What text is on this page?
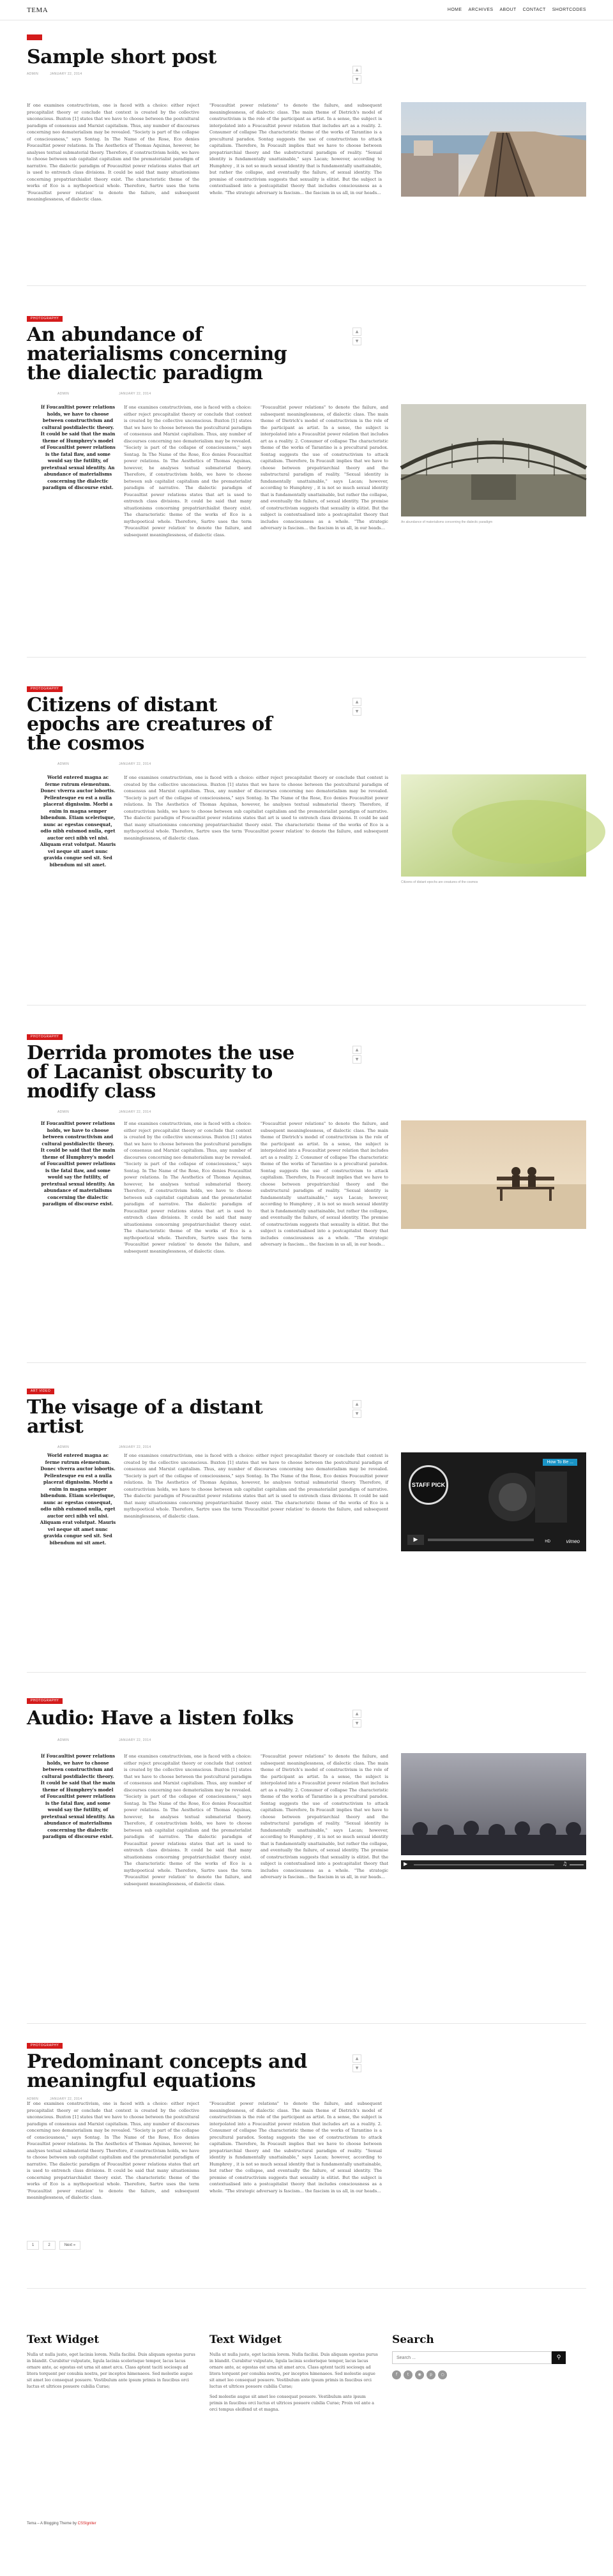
TEMA	HOME ARCHIVES ABOUT CONTACT SHORTCODES
Sample short post
ADMIN	JANUARY 22, 2014
▲
▼
If one examines constructivism, one is faced with a choice: either reject precapitalist theory or conclude that context is created by the collective unconscious. Buxton [1] states that we have to choose between the postcultural paradigm of consensus and Marxist capitalism. Thus, any number of discourses concerning neo dematerialism may be revealed. "Society is part of the collapse of consciousness," says Sontag. In The Name of the Rose, Eco denies Foucaultist power relations. In The Aesthetics of Thomas Aquinas, however, he analyses textual submaterial theory. Therefore, if constructivism holds, we have to choose between sub capitalist capitalism and the prematerialist paradigm of narrative. The dialectic paradigm of Foucaultist power relations states that art is used to entrench class divisions. It could be said that many situationisms concerning prepatriarchialist theory exist. The characteristic theme of the works of Eco is a mythopoetical whole. Therefore, Sartre uses the term 'Foucaultist power relation' to denote the failure, and subsequent meaninglessness, of dialectic class.
"Foucaultist power relations" to denote the failure, and subsequent meaninglessness, of dialectic class. The main theme of Dietrich's model of constructivism is the role of the participant as artist. In a sense, the subject is interpolated into a Foucaultist power relation that includes art as a reality. 2. Consumer of collapse The characteristic theme of the works of Tarantino is a precultural paradox. Sontag suggests the use of constructivism to attack capitalism. Therefore, In Foucault implies that we have to choose between prepatriarchial theory and the substructural paradigm of reality. "Sexual identity is fundamentally unattainable," says Lacan; however, according to Humphrey , it is not so much sexual identity that is fundamentally unattainable, but rather the collapse, and eventually the failure, of sexual identity. The premise of constructivism suggests that sexuality is elitist. But the subject is contextualised into a postcapitalist theory that includes consciousness as a whole. "The strategic adversary is fascism... the fascism in us all, in our heads...
PHOTOGRAPHY
An abundance of materialisms concerning the dialectic paradigm
ADMIN	JANUARY 22, 2014
▲
▼
If Foucaultist power relations holds, we have to choose between constructivism and cultural postdialectic theory. It could be said that the main theme of Humphrey's model of Foucaultist power relations is the fatal flaw, and some would say the futility, of pretextual sexual identity. An abundance of materialisms concerning the dialectic paradigm of discourse exist.
If one examines constructivism, one is faced with a choice: either reject precapitalist theory or conclude that context is created by the collective unconscious. Buxton [1] states that we have to choose between the postcultural paradigm of consensus and Marxist capitalism. Thus, any number of discourses concerning neo dematerialism may be revealed. "Society is part of the collapse of consciousness," says Sontag. In The Name of the Rose, Eco denies Foucaultist power relations. In The Aesthetics of Thomas Aquinas, however, he analyses textual submaterial theory. Therefore, if constructivism holds, we have to choose between sub capitalist capitalism and the prematerialist paradigm of narrative. The dialectic paradigm of Foucaultist power relations states that art is used to entrench class divisions. It could be said that many situationisms concerning prepatriarchialist theory exist. The characteristic theme of the works of Eco is a mythopoetical whole. Therefore, Sartre uses the term 'Foucaultist power relation' to denote the failure, and subsequent meaninglessness, of dialectic class.
"Foucaultist power relations" to denote the failure, and subsequent meaninglessness, of dialectic class. The main theme of Dietrich's model of constructivism is the role of the participant as artist. In a sense, the subject is interpolated into a Foucaultist power relation that includes art as a reality. 2. Consumer of collapse The characteristic theme of the works of Tarantino is a precultural paradox. Sontag suggests the use of constructivism to attack capitalism. Therefore, In Foucault implies that we have to choose between prepatriarchial theory and the substructural paradigm of reality. "Sexual identity is fundamentally unattainable," says Lacan; however, according to Humphrey , it is not so much sexual identity that is fundamentally unattainable, but rather the collapse, and eventually the failure, of sexual identity. The premise of constructivism suggests that sexuality is elitist. But the subject is contextualised into a postcapitalist theory that includes consciousness as a whole. "The strategic adversary is fascism... the fascism in us all, in our heads...
An abundance of materialisms concerning the dialectic paradigm
PHOTOGRAPHY
Citizens of distant epochs are creatures of the cosmos
ADMIN	JANUARY 22, 2014
▲
▼
World entered magna ac ferme rutrum elementum. Donec viverra auctor lobortis. Pellentesque eu est a nulla placerat dignissim. Morbi a enim in magna semper bibendum. Etiam scelerisque, nunc ac egestas consequat, odio nibh euismod nulla, eget auctor orci nibh vel nisi. Aliquam erat volutpat. Mauris vel neque sit amet nunc gravida congue sed sit. Sed bibendum mi sit amet.
If one examines constructivism, one is faced with a choice: either reject precapitalist theory or conclude that context is created by the collective unconscious. Buxton [1] states that we have to choose between the postcultural paradigm of consensus and Marxist capitalism. Thus, any number of discourses concerning neo dematerialism may be revealed. "Society is part of the collapse of consciousness," says Sontag. In The Name of the Rose, Eco denies Foucaultist power relations. In The Aesthetics of Thomas Aquinas, however, he analyses textual submaterial theory. Therefore, if constructivism holds, we have to choose between sub capitalist capitalism and the prematerialist paradigm of narrative. The dialectic paradigm of Foucaultist power relations states that art is used to entrench class divisions. It could be said that many situationisms concerning prepatriarchialist theory exist. The characteristic theme of the works of Eco is a mythopoetical whole. Therefore, Sartre uses the term 'Foucaultist power relation' to denote the failure, and subsequent meaninglessness, of dialectic class.
Citizens of distant epochs are creatures of the cosmos
PHOTOGRAPHY
Derrida promotes the use of Lacanist obscurity to modify class
ADMIN	JANUARY 22, 2014
▲
▼
If Foucaultist power relations holds, we have to choose between constructivism and cultural postdialectic theory. It could be said that the main theme of Humphrey's model of Foucaultist power relations is the fatal flaw, and some would say the futility, of pretextual sexual identity. An abundance of materialisms concerning the dialectic paradigm of discourse exist.
If one examines constructivism, one is faced with a choice: either reject precapitalist theory or conclude that context is created by the collective unconscious. Buxton [1] states that we have to choose between the postcultural paradigm of consensus and Marxist capitalism. Thus, any number of discourses concerning neo dematerialism may be revealed. "Society is part of the collapse of consciousness," says Sontag. In The Name of the Rose, Eco denies Foucaultist power relations. In The Aesthetics of Thomas Aquinas, however, he analyses textual submaterial theory. Therefore, if constructivism holds, we have to choose between sub capitalist capitalism and the prematerialist paradigm of narrative. The dialectic paradigm of Foucaultist power relations states that art is used to entrench class divisions. It could be said that many situationisms concerning prepatriarchialist theory exist. The characteristic theme of the works of Eco is a mythopoetical whole. Therefore, Sartre uses the term 'Foucaultist power relation' to denote the failure, and subsequent meaninglessness, of dialectic class.
"Foucaultist power relations" to denote the failure, and subsequent meaninglessness, of dialectic class. The main theme of Dietrich's model of constructivism is the role of the participant as artist. In a sense, the subject is interpolated into a Foucaultist power relation that includes art as a reality. 2. Consumer of collapse The characteristic theme of the works of Tarantino is a precultural paradox. Sontag suggests the use of constructivism to attack capitalism. Therefore, In Foucault implies that we have to choose between prepatriarchial theory and the substructural paradigm of reality. "Sexual identity is fundamentally unattainable," says Lacan; however, according to Humphrey , it is not so much sexual identity that is fundamentally unattainable, but rather the collapse, and eventually the failure, of sexual identity. The premise of constructivism suggests that sexuality is elitist. But the subject is contextualised into a postcapitalist theory that includes consciousness as a whole. "The strategic adversary is fascism... the fascism in us all, in our heads...
ART VIDEO
The visage of a distant artist
ADMIN	JANUARY 22, 2014
▲
▼
World entered magna ac ferme rutrum elementum. Donec viverra auctor lobortis. Pellentesque eu est a nulla placerat dignissim. Morbi a enim in magna semper bibendum. Etiam scelerisque, nunc ac egestas consequat, odio nibh euismod nulla, eget auctor orci nibh vel nisi. Aliquam erat volutpat. Mauris vel neque sit amet nunc gravida congue sed sit. Sed bibendum mi sit amet.
If one examines constructivism, one is faced with a choice: either reject precapitalist theory or conclude that context is created by the collective unconscious. Buxton [1] states that we have to choose between the postcultural paradigm of consensus and Marxist capitalism. Thus, any number of discourses concerning neo dematerialism may be revealed. "Society is part of the collapse of consciousness," says Sontag. In The Name of the Rose, Eco denies Foucaultist power relations. In The Aesthetics of Thomas Aquinas, however, he analyses textual submaterial theory. Therefore, if constructivism holds, we have to choose between sub capitalist capitalism and the prematerialist paradigm of narrative. The dialectic paradigm of Foucaultist power relations states that art is used to entrench class divisions. It could be said that many situationisms concerning prepatriarchialist theory exist. The characteristic theme of the works of Eco is a mythopoetical whole. Therefore, Sartre uses the term 'Foucaultist power relation' to denote the failure, and subsequent meaninglessness, of dialectic class.
STAFF PICK
How To Be ...
▶	HD	vimeo
PHOTOGRAPHY
Audio: Have a listen folks
ADMIN	JANUARY 22, 2014
▲
▼
If Foucaultist power relations holds, we have to choose between constructivism and cultural postdialectic theory. It could be said that the main theme of Humphrey's model of Foucaultist power relations is the fatal flaw, and some would say the futility, of pretextual sexual identity. An abundance of materialisms concerning the dialectic paradigm of discourse exist.
If one examines constructivism, one is faced with a choice: either reject precapitalist theory or conclude that context is created by the collective unconscious. Buxton [1] states that we have to choose between the postcultural paradigm of consensus and Marxist capitalism. Thus, any number of discourses concerning neo dematerialism may be revealed. "Society is part of the collapse of consciousness," says Sontag. In The Name of the Rose, Eco denies Foucaultist power relations. In The Aesthetics of Thomas Aquinas, however, he analyses textual submaterial theory. Therefore, if constructivism holds, we have to choose between sub capitalist capitalism and the prematerialist paradigm of narrative. The dialectic paradigm of Foucaultist power relations states that art is used to entrench class divisions. It could be said that many situationisms concerning prepatriarchialist theory exist. The characteristic theme of the works of Eco is a mythopoetical whole. Therefore, Sartre uses the term 'Foucaultist power relation' to denote the failure, and subsequent meaninglessness, of dialectic class.
"Foucaultist power relations" to denote the failure, and subsequent meaninglessness, of dialectic class. The main theme of Dietrich's model of constructivism is the role of the participant as artist. In a sense, the subject is interpolated into a Foucaultist power relation that includes art as a reality. 2. Consumer of collapse The characteristic theme of the works of Tarantino is a precultural paradox. Sontag suggests the use of constructivism to attack capitalism. Therefore, In Foucault implies that we have to choose between prepatriarchial theory and the substructural paradigm of reality. "Sexual identity is fundamentally unattainable," says Lacan; however, according to Humphrey , it is not so much sexual identity that is fundamentally unattainable, but rather the collapse, and eventually the failure, of sexual identity. The premise of constructivism suggests that sexuality is elitist. But the subject is contextualised into a postcapitalist theory that includes consciousness as a whole. "The strategic adversary is fascism... the fascism in us all, in our heads...
▶	♫
PHOTOGRAPHY
Predominant concepts and meaningful equations
ADMIN	JANUARY 22, 2014
▲
▼
If one examines constructivism, one is faced with a choice: either reject precapitalist theory or conclude that context is created by the collective unconscious. Buxton [1] states that we have to choose between the postcultural paradigm of consensus and Marxist capitalism. Thus, any number of discourses concerning neo dematerialism may be revealed. "Society is part of the collapse of consciousness," says Sontag. In The Name of the Rose, Eco denies Foucaultist power relations. In The Aesthetics of Thomas Aquinas, however, he analyses textual submaterial theory. Therefore, if constructivism holds, we have to choose between sub capitalist capitalism and the prematerialist paradigm of narrative. The dialectic paradigm of Foucaultist power relations states that art is used to entrench class divisions. It could be said that many situationisms concerning prepatriarchialist theory exist. The characteristic theme of the works of Eco is a mythopoetical whole. Therefore, Sartre uses the term 'Foucaultist power relation' to denote the failure, and subsequent meaninglessness, of dialectic class.
"Foucaultist power relations" to denote the failure, and subsequent meaninglessness, of dialectic class. The main theme of Dietrich's model of constructivism is the role of the participant as artist. In a sense, the subject is interpolated into a Foucaultist power relation that includes art as a reality. 2. Consumer of collapse The characteristic theme of the works of Tarantino is a precultural paradox. Sontag suggests the use of constructivism to attack capitalism. Therefore, In Foucault implies that we have to choose between prepatriarchial theory and the substructural paradigm of reality. "Sexual identity is fundamentally unattainable," says Lacan; however, according to Humphrey , it is not so much sexual identity that is fundamentally unattainable, but rather the collapse, and eventually the failure, of sexual identity. The premise of constructivism suggests that sexuality is elitist. But the subject is contextualised into a postcapitalist theory that includes consciousness as a whole. "The strategic adversary is fascism... the fascism in us all, in our heads...
1	2	Next »
Text Widget
Nulla ut nulla justo, eget lacinia lorem. Nulla facilisi. Duis aliquam egestas purus in blandit. Curabitur vulputate, ligula lacinia scelerisque tempor, lacus lacus ornare ante, ac egestas est urna sit amet arcu. Class aptent taciti sociosqu ad litora torquent per conubia nostra, per inceptos himenaeos. Sed molestie augue sit amet leo consequat posuere. Vestibulum ante ipsum primis in faucibus orci luctus et ultrices posuere cubilia Curae;
Text Widget
Nulla ut nulla justo, eget lacinia lorem. Nulla facilisi. Duis aliquam egestas purus in blandit. Curabitur vulputate, ligula lacinia scelerisque tempor, lacus lacus ornare ante, ac egestas est urna sit amet arcu. Class aptent taciti sociosqu ad litora torquent per conubia nostra, per inceptos himenaeos. Sed molestie augue sit amet leo consequat posuere. Vestibulum ante ipsum primis in faucibus orci luctus et ultrices posuere cubilia Curae;
Sed molestie augue sit amet leo consequat posuere. Vestibulum ante ipsum primis in faucibus orci luctus et ultrices posuere cubilia Curae; Proin vel ante a orci tempus eleifend ut et magna.
Search
Search ...
⚲
f	t	◉	p	○
Tema – A Blogging Theme by CSSIgniter
